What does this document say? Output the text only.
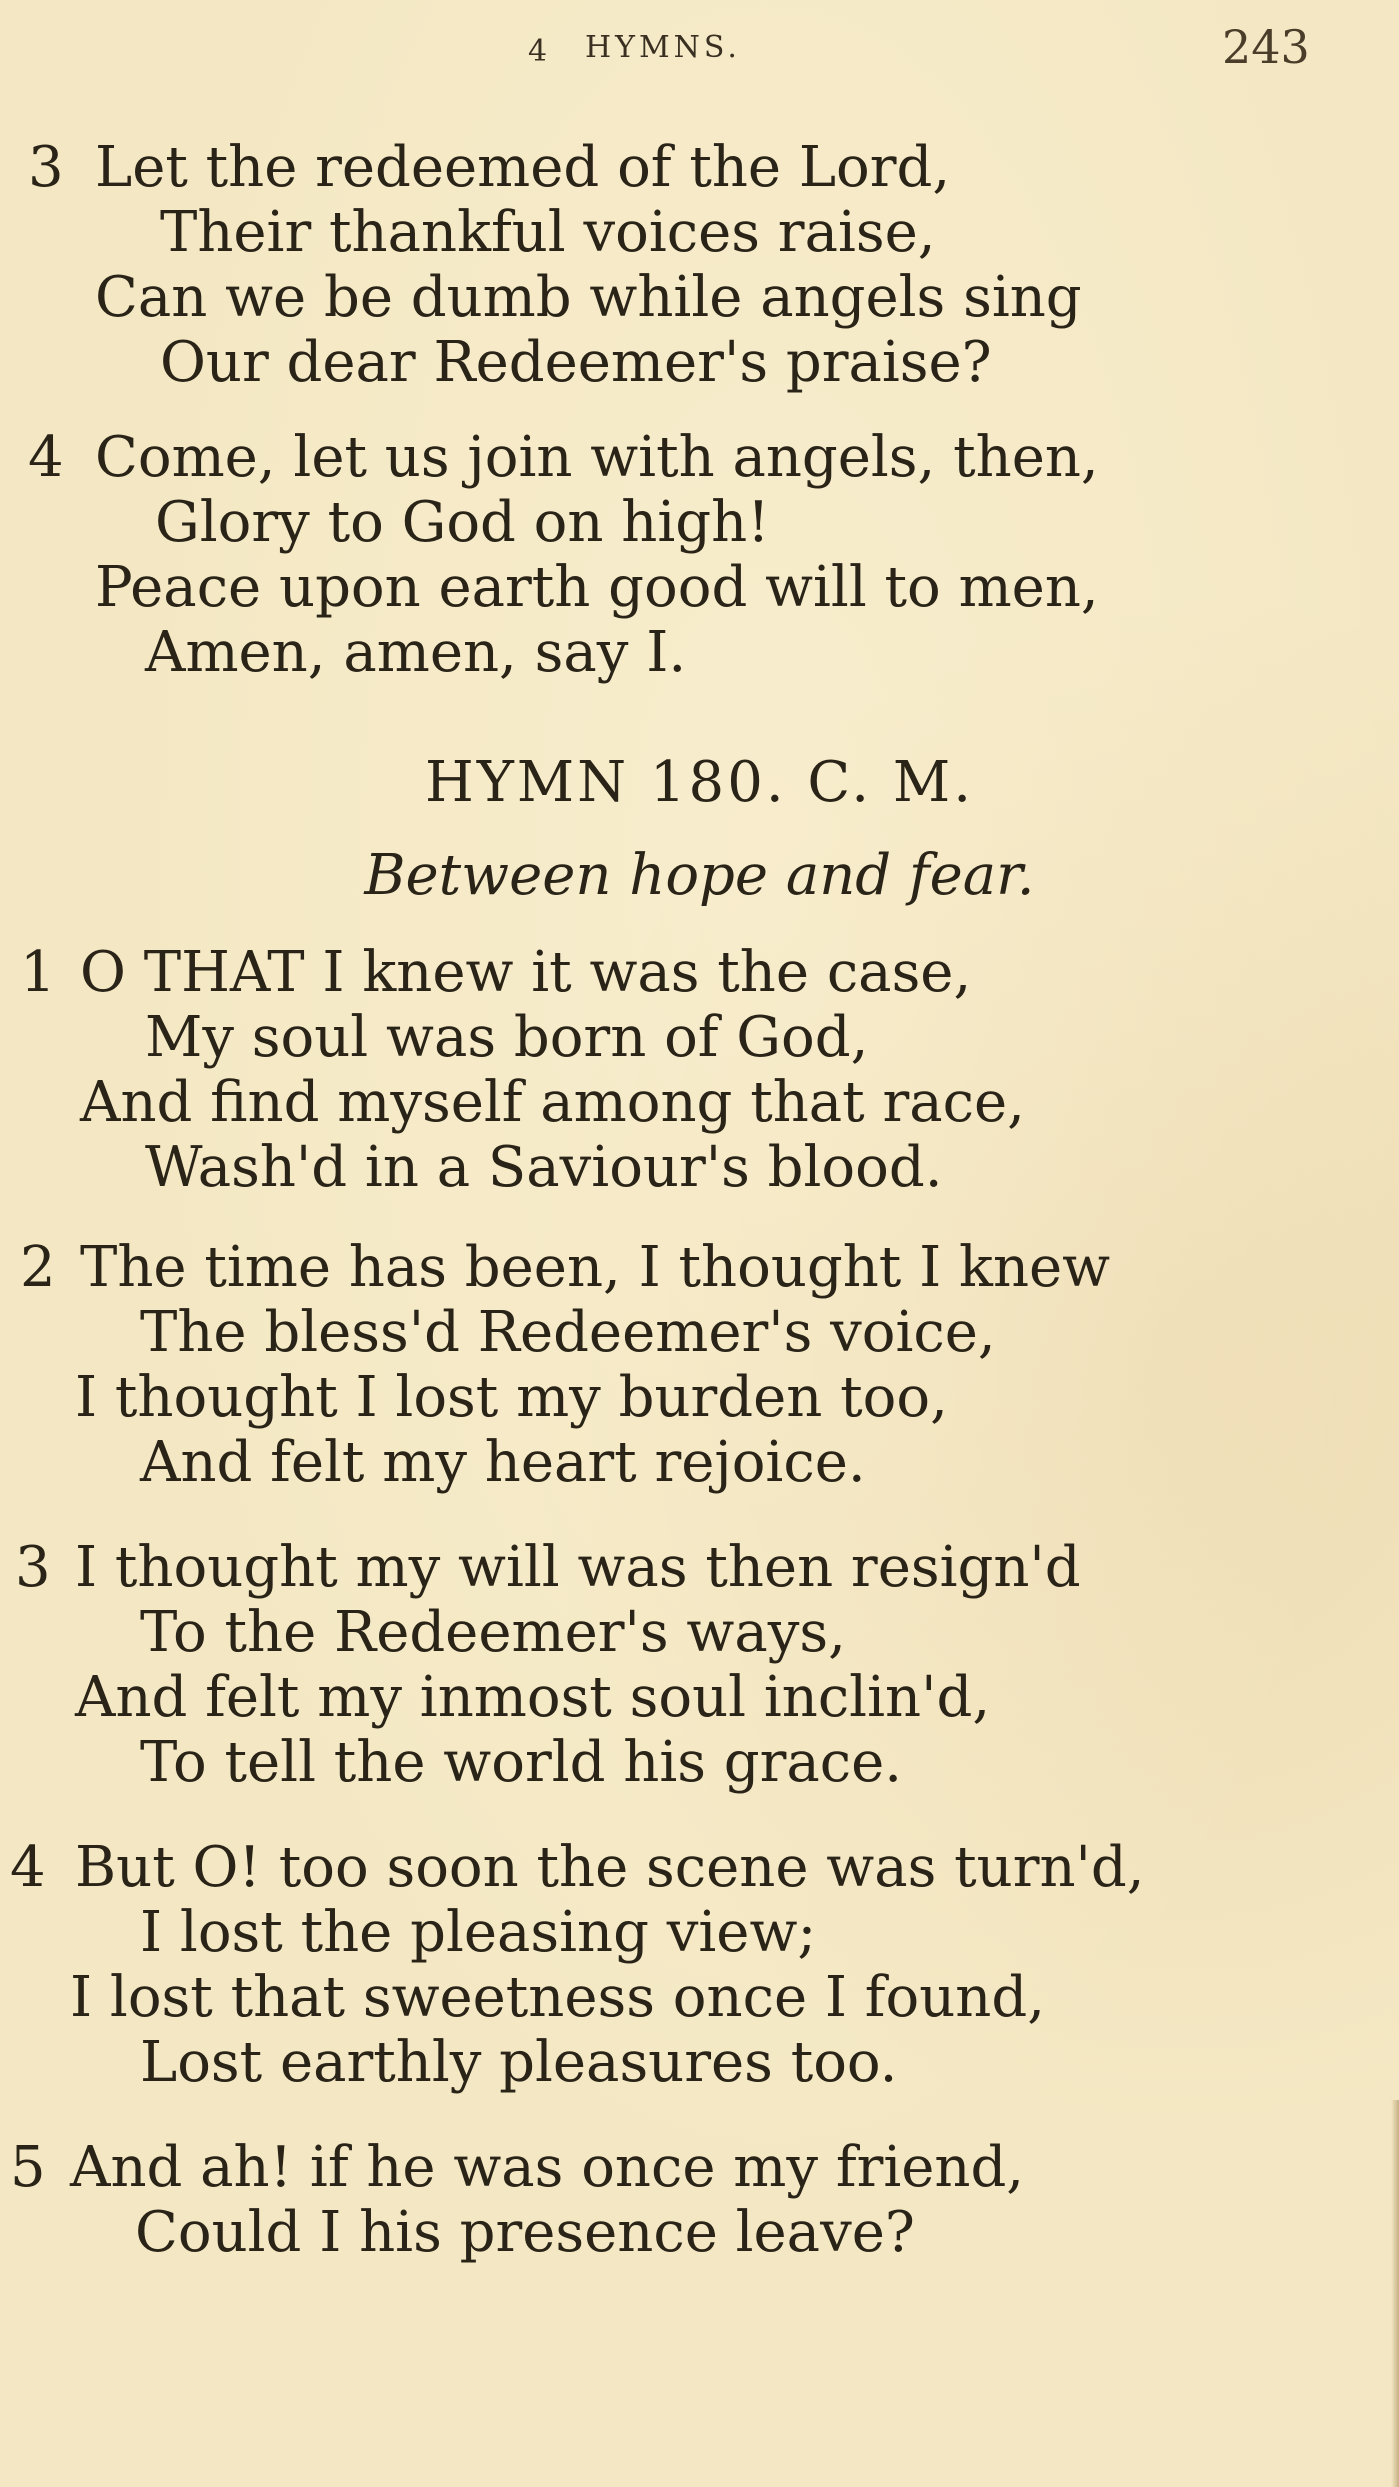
4 HYMNS.	243
3 Let the redeemed of the Lord,
Their thankful voices raise,
Can we be dumb while angels sing
Our dear Redeemer's praise?
4 Come, let us join with angels, then,
Glory to God on high!
Peace upon earth good will to men,
Amen, amen, say I.
HYMN 180. C. M.
Between hope and fear.
1 O THAT I knew it was the case,
My soul was born of God,
And find myself among that race,
Wash'd in a Saviour's blood.
2 The time has been, I thought I knew
The bless'd Redeemer's voice,
I thought I lost my burden too,
And felt my heart rejoice.
3 I thought my will was then resign'd
To the Redeemer's ways,
And felt my inmost soul inclin'd,
To tell the world his grace.
4 But O! too soon the scene was turn'd,
I lost the pleasing view;
I lost that sweetness once I found,
Lost earthly pleasures too.
5 And ah! if he was once my friend,
Could I his presence leave?
